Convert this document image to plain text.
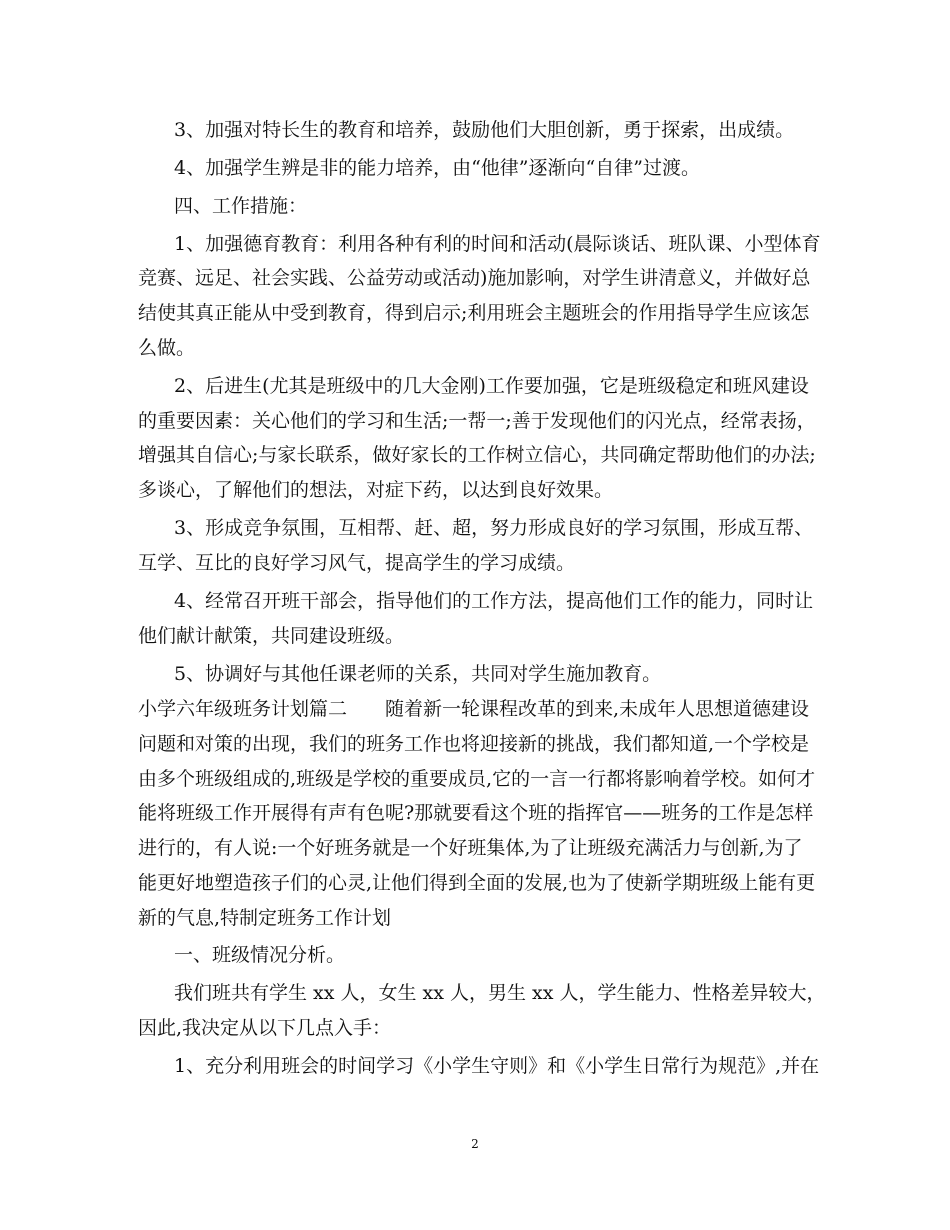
3、加强对特长生的教育和培养，鼓励他们大胆创新，勇于探索，出成绩。
4、加强学生辨是非的能力培养，由“他律”逐渐向“自律”过渡。
四、工作措施：
1、加强德育教育：利用各种有利的时间和活动(晨际谈话、班队课、小型体育
竞赛、远足、社会实践、公益劳动或活动)施加影响，对学生讲清意义，并做好总
结使其真正能从中受到教育，得到启示;利用班会主题班会的作用指导学生应该怎
么做。
2、后进生(尤其是班级中的几大金刚)工作要加强，它是班级稳定和班风建设
的重要因素：关心他们的学习和生活;一帮一;善于发现他们的闪光点，经常表扬，
增强其自信心;与家长联系，做好家长的工作树立信心，共同确定帮助他们的办法;
多谈心，了解他们的想法，对症下药，以达到良好效果。
3、形成竞争氛围，互相帮、赶、超，努力形成良好的学习氛围，形成互帮、
互学、互比的良好学习风气，提高学生的学习成绩。
4、经常召开班干部会，指导他们的工作方法，提高他们工作的能力，同时让
他们献计献策，共同建设班级。
5、协调好与其他任课老师的关系，共同对学生施加教育。
小学六年级班务计划篇二　　随着新一轮课程改革的到来,未成年人思想道德建设
问题和对策的出现，我们的班务工作也将迎接新的挑战，我们都知道,一个学校是
由多个班级组成的,班级是学校的重要成员,它的一言一行都将影响着学校。如何才
能将班级工作开展得有声有色呢?那就要看这个班的指挥官——班务的工作是怎样
进行的，有人说:一个好班务就是一个好班集体,为了让班级充满活力与创新,为了
能更好地塑造孩子们的心灵,让他们得到全面的发展,也为了使新学期班级上能有更
新的气息,特制定班务工作计划
一、班级情况分析。
我们班共有学生 xx 人，女生 xx 人，男生 xx 人，学生能力、性格差异较大，
因此,我决定从以下几点入手：
1、充分利用班会的时间学习《小学生守则》和《小学生日常行为规范》,并在
2
